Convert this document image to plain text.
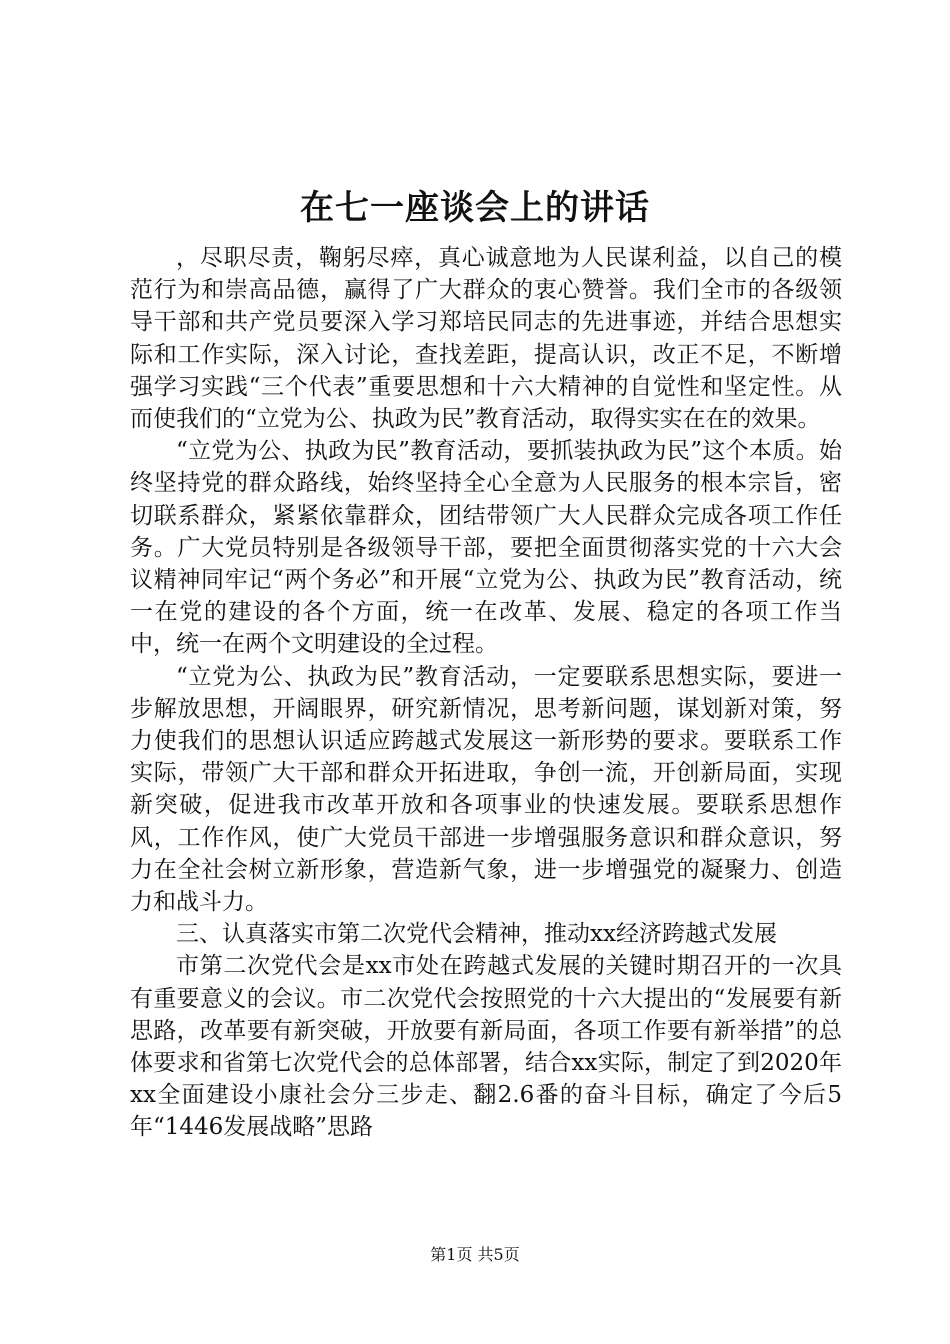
在七一座谈会上的讲话

，尽职尽责，鞠躬尽瘁，真心诚意地为人民谋利益，以自己的模范行为和崇高品德，赢得了广大群众的衷心赞誉。我们全市的各级领导干部和共产党员要深入学习郑培民同志的先进事迹，并结合思想实际和工作实际，深入讨论，查找差距，提高认识，改正不足，不断增强学习实践“三个代表”重要思想和十六大精神的自觉性和坚定性。从而使我们的“立党为公、执政为民”教育活动，取得实实在在的效果。

“立党为公、执政为民”教育活动，要抓装执政为民”这个本质。始终坚持党的群众路线，始终坚持全心全意为人民服务的根本宗旨，密切联系群众，紧紧依靠群众，团结带领广大人民群众完成各项工作任务。广大党员特别是各级领导干部，要把全面贯彻落实党的十六大会议精神同牢记“两个务必”和开展“立党为公、执政为民”教育活动，统一在党的建设的各个方面，统一在改革、发展、稳定的各项工作当中，统一在两个文明建设的全过程。

“立党为公、执政为民”教育活动，一定要联系思想实际，要进一步解放思想，开阔眼界，研究新情况，思考新问题，谋划新对策，努力使我们的思想认识适应跨越式发展这一新形势的要求。要联系工作实际，带领广大干部和群众开拓进取，争创一流，开创新局面，实现新突破，促进我市改革开放和各项事业的快速发展。要联系思想作风，工作作风，使广大党员干部进一步增强服务意识和群众意识，努力在全社会树立新形象，营造新气象，进一步增强党的凝聚力、创造力和战斗力。

三、认真落实市第二次党代会精神，推动xx经济跨越式发展

市第二次党代会是xx市处在跨越式发展的关键时期召开的一次具有重要意义的会议。市二次党代会按照党的十六大提出的“发展要有新思路，改革要有新突破，开放要有新局面，各项工作要有新举措”的总体要求和省第七次党代会的总体部署，结合xx实际，制定了到2020年xx全面建设小康社会分三步走、翻2.6番的奋斗目标，确定了今后5年“1446发展战略”思路

第1页 共5页
